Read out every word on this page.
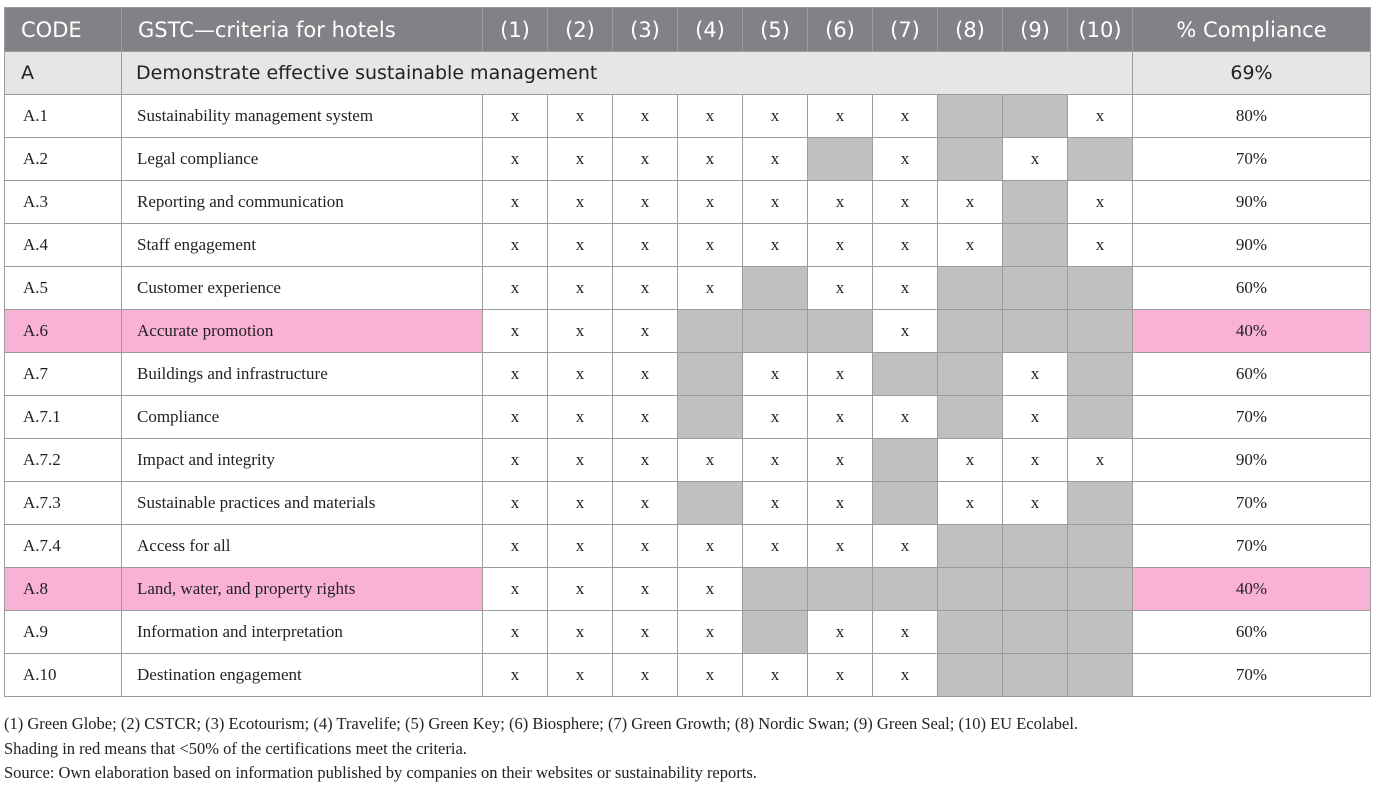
CODE	GSTC—criteria for hotels	(1)	(2)	(3)	(4)	(5)	(6)	(7)	(8)	(9)	(10)	% Compliance
A	Demonstrate effective sustainable management											69%
A.1	Sustainability management system	x	x	x	x	x	x	x			x	80%
A.2	Legal compliance	x	x	x	x	x		x		x		70%
A.3	Reporting and communication	x	x	x	x	x	x	x	x		x	90%
A.4	Staff engagement	x	x	x	x	x	x	x	x		x	90%
A.5	Customer experience	x	x	x	x		x	x				60%
A.6	Accurate promotion	x	x	x				x				40%
A.7	Buildings and infrastructure	x	x	x		x	x			x		60%
A.7.1	Compliance	x	x	x		x	x	x		x		70%
A.7.2	Impact and integrity	x	x	x	x	x	x		x	x	x	90%
A.7.3	Sustainable practices and materials	x	x	x		x	x		x	x		70%
A.7.4	Access for all	x	x	x	x	x	x	x				70%
A.8	Land, water, and property rights	x	x	x	x							40%
A.9	Information and interpretation	x	x	x	x		x	x				60%
A.10	Destination engagement	x	x	x	x	x	x	x				70%

(1) Green Globe; (2) CSTCR; (3) Ecotourism; (4) Travelife; (5) Green Key; (6) Biosphere; (7) Green Growth; (8) Nordic Swan; (9) Green Seal; (10) EU Ecolabel.

Shading in red means that <50% of the certifications meet the criteria.

Source: Own elaboration based on information published by companies on their websites or sustainability reports.
